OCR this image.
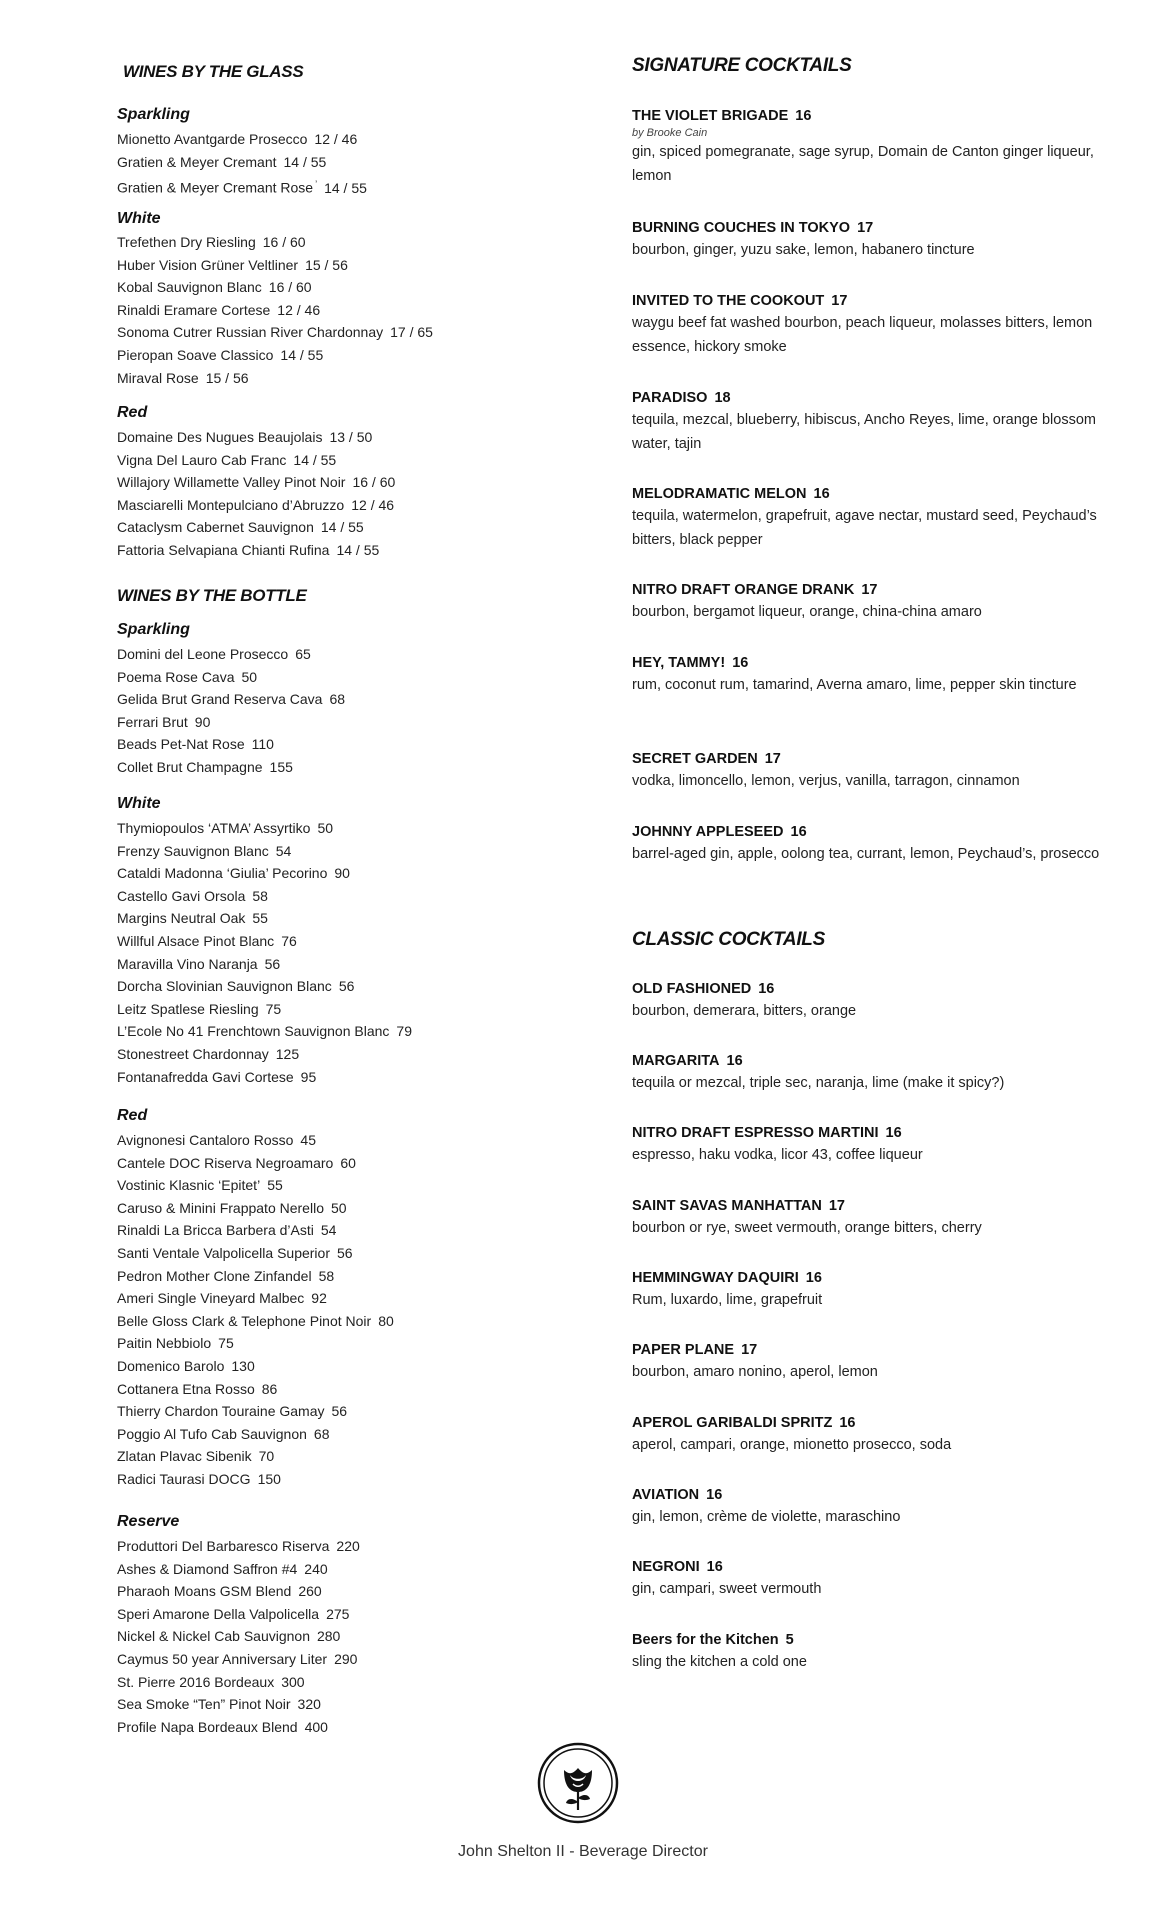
WINES BY THE GLASS
Sparkling
Mionetto Avantgarde Prosecco 12 / 46
Gratien & Meyer Cremant 14 / 55
Gratien & Meyer Cremant Rose ’ 14 / 55
White
Trefethen Dry Riesling 16 / 60
Huber Vision Grüner Veltliner 15 / 56
Kobal Sauvignon Blanc 16 / 60
Rinaldi Eramare Cortese 12 / 46
Sonoma Cutrer Russian River Chardonnay 17 / 65
Pieropan Soave Classico 14 / 55
Miraval Rose 15 / 56
Red
Domaine Des Nugues Beaujolais 13 / 50
Vigna Del Lauro Cab Franc 14 / 55
Willajory Willamette Valley Pinot Noir 16 / 60
Masciarelli Montepulciano d’Abruzzo 12 / 46
Cataclysm Cabernet Sauvignon 14 / 55
Fattoria Selvapiana Chianti Rufina 14 / 55
WINES BY THE BOTTLE
Sparkling
Domini del Leone Prosecco 65
Poema Rose Cava 50
Gelida Brut Grand Reserva Cava 68
Ferrari Brut 90
Beads Pet-Nat Rose 110
Collet Brut Champagne 155
White
Thymiopoulos ‘ATMA’ Assyrtiko 50
Frenzy Sauvignon Blanc 54
Cataldi Madonna ‘Giulia’ Pecorino 90
Castello Gavi Orsola 58
Margins Neutral Oak 55
Willful Alsace Pinot Blanc 76
Maravilla Vino Naranja 56
Dorcha Slovinian Sauvignon Blanc 56
Leitz Spatlese Riesling 75
L’Ecole No 41 Frenchtown Sauvignon Blanc 79
Stonestreet Chardonnay 125
Fontanafredda Gavi Cortese 95
Red
Avignonesi Cantaloro Rosso 45
Cantele DOC Riserva Negroamaro 60
Vostinic Klasnic ‘Epitet’ 55
Caruso & Minini Frappato Nerello 50
Rinaldi La Bricca Barbera d’Asti 54
Santi Ventale Valpolicella Superior 56
Pedron Mother Clone Zinfandel 58
Ameri Single Vineyard Malbec 92
Belle Gloss Clark & Telephone Pinot Noir 80
Paitin Nebbiolo 75
Domenico Barolo 130
Cottanera Etna Rosso 86
Thierry Chardon Touraine Gamay 56
Poggio Al Tufo Cab Sauvignon 68
Zlatan Plavac Sibenik 70
Radici Taurasi DOCG 150
Reserve
Produttori Del Barbaresco Riserva 220
Ashes & Diamond Saffron #4 240
Pharaoh Moans GSM Blend 260
Speri Amarone Della Valpolicella 275
Nickel & Nickel Cab Sauvignon 280
Caymus 50 year Anniversary Liter 290
St. Pierre 2016 Bordeaux 300
Sea Smoke “Ten” Pinot Noir 320
Profile Napa Bordeaux Blend 400
SIGNATURE COCKTAILS
THE VIOLET BRIGADE 16
by Brooke Cain
gin, spiced pomegranate, sage syrup, Domain de Canton ginger liqueur, lemon
BURNING COUCHES IN TOKYO 17
bourbon, ginger, yuzu sake, lemon, habanero tincture
INVITED TO THE COOKOUT 17
waygu beef fat washed bourbon, peach liqueur, molasses bitters, lemon essence, hickory smoke
PARADISO 18
tequila, mezcal, blueberry, hibiscus, Ancho Reyes, lime, orange blossom water, tajin
MELODRAMATIC MELON 16
tequila, watermelon, grapefruit, agave nectar, mustard seed, Peychaud’s bitters, black pepper
NITRO DRAFT ORANGE DRANK 17
bourbon, bergamot liqueur, orange, china-china amaro
HEY, TAMMY! 16
rum, coconut rum, tamarind, Averna amaro, lime, pepper skin tincture
SECRET GARDEN 17
vodka, limoncello, lemon, verjus, vanilla, tarragon, cinnamon
JOHNNY APPLESEED 16
barrel-aged gin, apple, oolong tea, currant, lemon, Peychaud’s, prosecco
CLASSIC COCKTAILS
OLD FASHIONED 16
bourbon, demerara, bitters, orange
MARGARITA 16
tequila or mezcal, triple sec, naranja, lime (make it spicy?)
NITRO DRAFT ESPRESSO MARTINI 16
espresso, haku vodka, licor 43, coffee liqueur
SAINT SAVAS MANHATTAN 17
bourbon or rye, sweet vermouth, orange bitters, cherry
HEMMINGWAY DAQUIRI 16
Rum, luxardo, lime, grapefruit
PAPER PLANE 17
bourbon, amaro nonino, aperol, lemon
APEROL GARIBALDI SPRITZ 16
aperol, campari, orange, mionetto prosecco, soda
AVIATION 16
gin, lemon, crème de violette, maraschino
NEGRONI 16
gin, campari, sweet vermouth
Beers for the Kitchen 5
sling the kitchen a cold one
John Shelton II - Beverage Director
